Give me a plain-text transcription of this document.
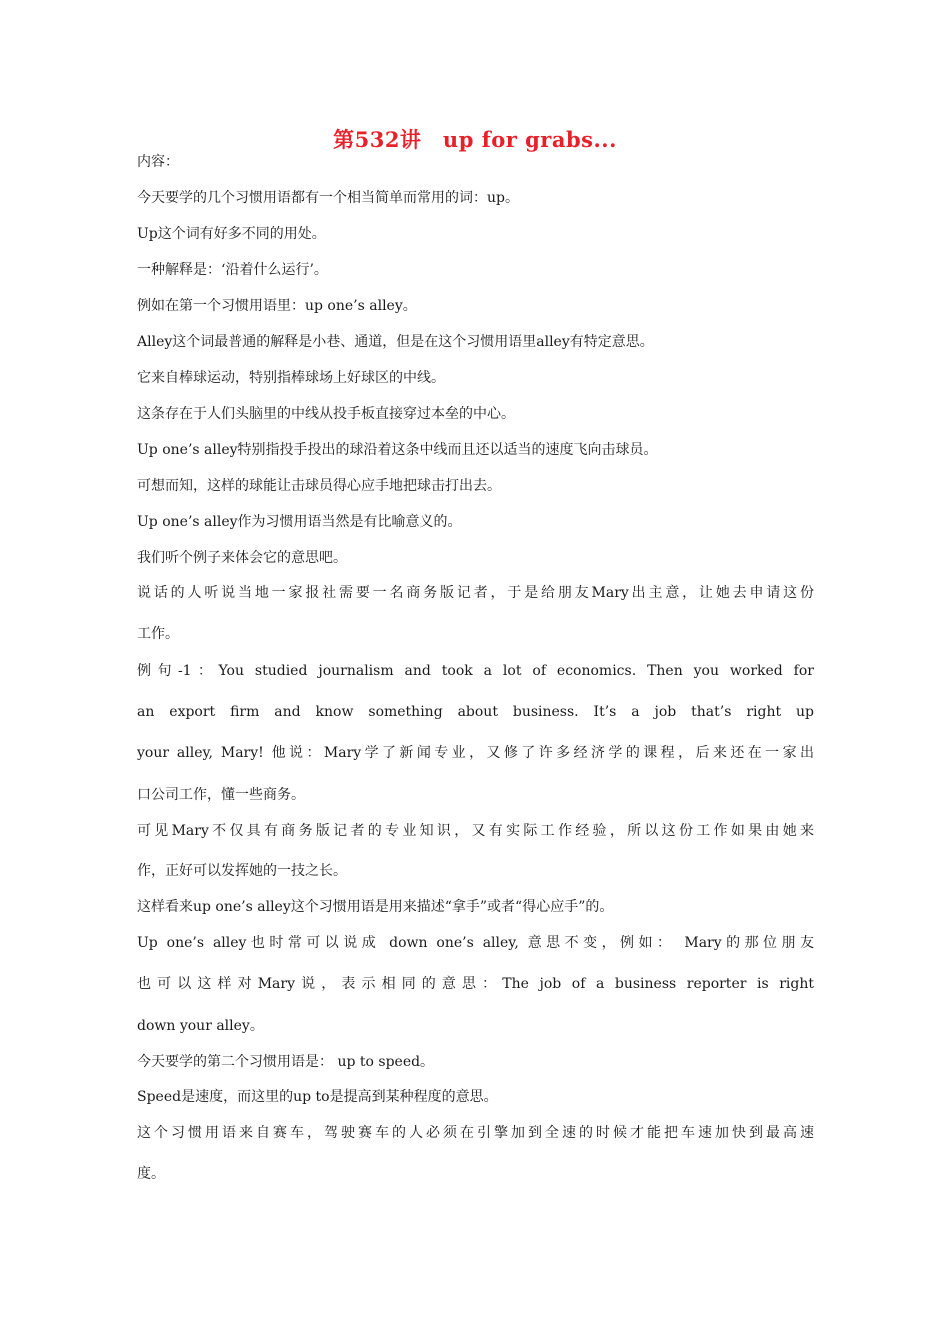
第532讲　up for grabs...
内容：
今天要学的几个习惯用语都有一个相当简单而常用的词：up。
Up这个词有好多不同的用处。
一种解释是：‘沿着什么运行’。
例如在第一个习惯用语里：up one’s alley。
Alley这个词最普通的解释是小巷、通道，但是在这个习惯用语里alley有特定意思。
它来自棒球运动，特别指棒球场上好球区的中线。
这条存在于人们头脑里的中线从投手板直接穿过本垒的中心。
Up one’s alley特别指投手投出的球沿着这条中线而且还以适当的速度飞向击球员。
可想而知，这样的球能让击球员得心应手地把球击打出去。
Up one’s alley作为习惯用语当然是有比喻意义的。
我们听个例子来体会它的意思吧。
说话的人听说当地一家报社需要一名商务版记者，于是给朋友Mary出主意，让她去申请这份
工作。
例句-1：You studied journalism and took a lot of economics. Then you worked for
an export firm and know something about business. It’s a job that’s right up
your alley, Mary! 他说：Mary学了新闻专业，又修了许多经济学的课程，后来还在一家出
口公司工作，懂一些商务。
可见Mary不仅具有商务版记者的专业知识，又有实际工作经验，所以这份工作如果由她来
作，正好可以发挥她的一技之长。
这样看来up one’s alley这个习惯用语是用来描述“拿手”或者“得心应手”的。
Up one’s alley也时常可以说成 down one’s alley, 意思不变，例如： Mary的那位朋友
也可以这样对Mary说，表示相同的意思：The job of a business reporter is right
down your alley。
今天要学的第二个习惯用语是： up to speed。
Speed是速度，而这里的up to是提高到某种程度的意思。
这个习惯用语来自赛车，驾驶赛车的人必须在引擎加到全速的时候才能把车速加快到最高速
度。
